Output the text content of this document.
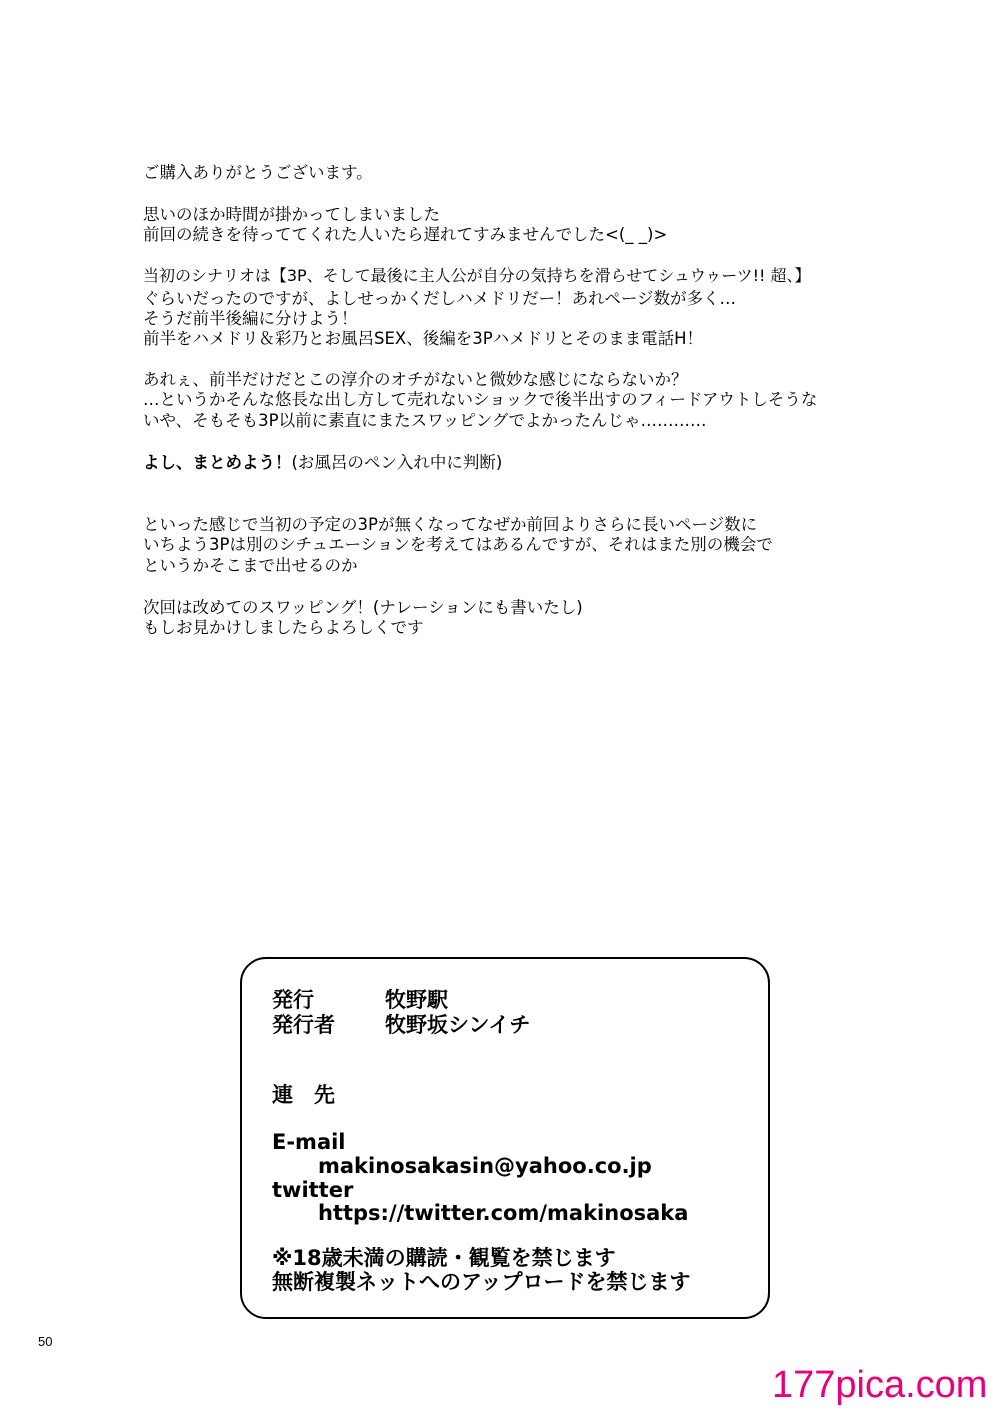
ご購入ありがとうございます。

思いのほか時間が掛かってしまいました

前回の続きを待っててくれた人いたら遅れてすみませんでした<(_ _)>

当初のシナリオは【3P、そして最後に主人公が自分の気持ちを滑らせてシュウゥーツ!! 超、】

ぐらいだったのですが、よしせっかくだしハメドリだー！あれページ数が多く…

そうだ前半後編に分けよう！

前半をハメドリ＆彩乃とお風呂SEX、後編を3Pハメドリとそのまま電話H！

あれぇ、前半だけだとこの淳介のオチがないと微妙な感じにならないか？

…というかそんな悠長な出し方して売れないショックで後半出すのフィードアウトしそうな

いや、そもそも3P以前に素直にまたスワッピングでよかったんじゃ…………

よし、まとめよう！(お風呂のペン入れ中に判断)

といった感じで当初の予定の3Pが無くなってなぜか前回よりさらに長いページ数に

いちよう3Pは別のシチュエーションを考えてはあるんですが、それはまた別の機会で

というかそこまで出せるのか

次回は改めてのスワッピング！(ナレーションにも書いたし)

もしお見かけしましたらよろしくです

発行	牧野駅

発行者 牧野坂シンイチ

連　先

E-mail

makinosakasin@yahoo.co.jp

twitter

https://twitter.com/makinosaka

※18歳未満の購読・観覧を禁じます

無断複製ネットへのアップロードを禁じます

50

177pica.com
